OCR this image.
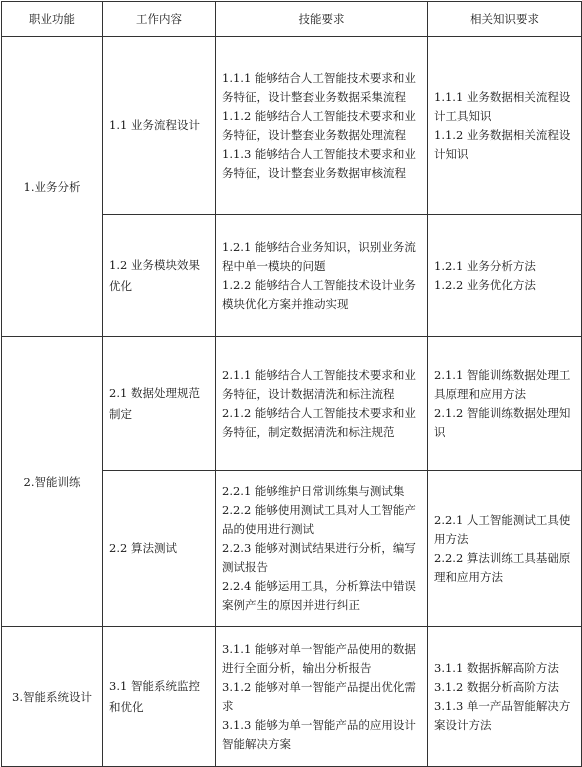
职业功能	工作内容	技能要求	相关知识要求
1.业务分析	1.1 业务流程设计	1.1.1 能够结合人工智能技术要求和业务特征，设计整套业务数据采集流程
1.1.2 能够结合人工智能技术要求和业务特征，设计整套业务数据处理流程
1.1.3 能够结合人工智能技术要求和业务特征，设计整套业务数据审核流程	1.1.1 业务数据相关流程设计工具知识
1.1.2 业务数据相关流程设计知识

	1.2 业务模块效果优化	1.2.1 能够结合业务知识，识别业务流程中单一模块的问题
1.2.2 能够结合人工智能技术设计业务模块优化方案并推动实现	1.2.1 业务分析方法
1.2.2 业务优化方法

2.智能训练	2.1 数据处理规范制定	2.1.1 能够结合人工智能技术要求和业务特征，设计数据清洗和标注流程
2.1.2 能够结合人工智能技术要求和业务特征，制定数据清洗和标注规范	2.1.1 智能训练数据处理工具原理和应用方法
2.1.2 智能训练数据处理知识

	2.2 算法测试	2.2.1 能够维护日常训练集与测试集
2.2.2 能够使用测试工具对人工智能产品的使用进行测试
2.2.3 能够对测试结果进行分析，编写测试报告
2.2.4 能够运用工具，分析算法中错误案例产生的原因并进行纠正	2.2.1 人工智能测试工具使用方法
2.2.2 算法训练工具基础原理和应用方法

3.智能系统设计	3.1 智能系统监控和优化	3.1.1 能够对单一智能产品使用的数据进行全面分析，输出分析报告
3.1.2 能够对单一智能产品提出优化需求
3.1.3 能够为单一智能产品的应用设计智能解决方案	3.1.1 数据拆解高阶方法
3.1.2 数据分析高阶方法
3.1.3 单一产品智能解决方案设计方法
